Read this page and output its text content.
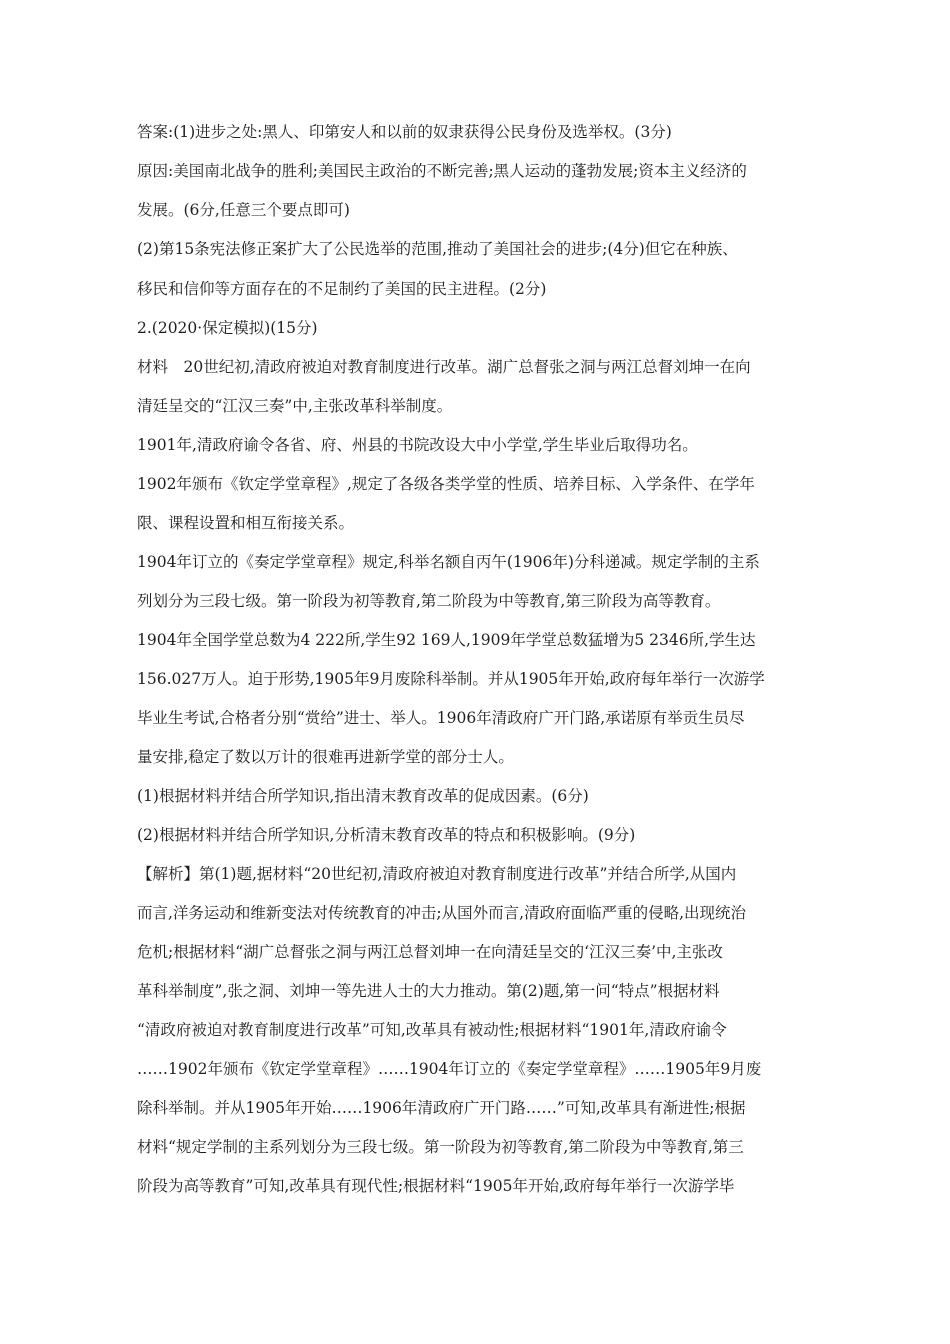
答案:(1)进步之处:黑人、印第安人和以前的奴隶获得公民身份及选举权。(3分)
原因:美国南北战争的胜利;美国民主政治的不断完善;黑人运动的蓬勃发展;资本主义经济的
发展。(6分,任意三个要点即可)
(2)第15条宪法修正案扩大了公民选举的范围,推动了美国社会的进步;(4分)但它在种族、
移民和信仰等方面存在的不足制约了美国的民主进程。(2分)
2.(2020·保定模拟)(15分)
材料　20世纪初,清政府被迫对教育制度进行改革。湖广总督张之洞与两江总督刘坤一在向
清廷呈交的“江汉三奏”中,主张改革科举制度。
1901年,清政府谕令各省、府、州县的书院改设大中小学堂,学生毕业后取得功名。
1902年颁布《钦定学堂章程》,规定了各级各类学堂的性质、培养目标、入学条件、在学年
限、课程设置和相互衔接关系。
1904年订立的《奏定学堂章程》规定,科举名额自丙午(1906年)分科递减。规定学制的主系
列划分为三段七级。第一阶段为初等教育,第二阶段为中等教育,第三阶段为高等教育。
1904年全国学堂总数为4 222所,学生92 169人,1909年学堂总数猛增为5 2346所,学生达
156.027万人。迫于形势,1905年9月废除科举制。并从1905年开始,政府每年举行一次游学
毕业生考试,合格者分别“赏给”进士、举人。1906年清政府广开门路,承诺原有举贡生员尽
量安排,稳定了数以万计的很难再进新学堂的部分士人。
(1)根据材料并结合所学知识,指出清末教育改革的促成因素。(6分)
(2)根据材料并结合所学知识,分析清末教育改革的特点和积极影响。(9分)
【解析】第(1)题,据材料“20世纪初,清政府被迫对教育制度进行改革”并结合所学,从国内
而言,洋务运动和维新变法对传统教育的冲击;从国外而言,清政府面临严重的侵略,出现统治
危机;根据材料“湖广总督张之洞与两江总督刘坤一在向清廷呈交的‘江汉三奏’中,主张改
革科举制度”,张之洞、刘坤一等先进人士的大力推动。第(2)题,第一问“特点”根据材料
“清政府被迫对教育制度进行改革”可知,改革具有被动性;根据材料“1901年,清政府谕令
……1902年颁布《钦定学堂章程》……1904年订立的《奏定学堂章程》……1905年9月废
除科举制。并从1905年开始……1906年清政府广开门路……”可知,改革具有渐进性;根据
材料“规定学制的主系列划分为三段七级。第一阶段为初等教育,第二阶段为中等教育,第三
阶段为高等教育”可知,改革具有现代性;根据材料“1905年开始,政府每年举行一次游学毕
